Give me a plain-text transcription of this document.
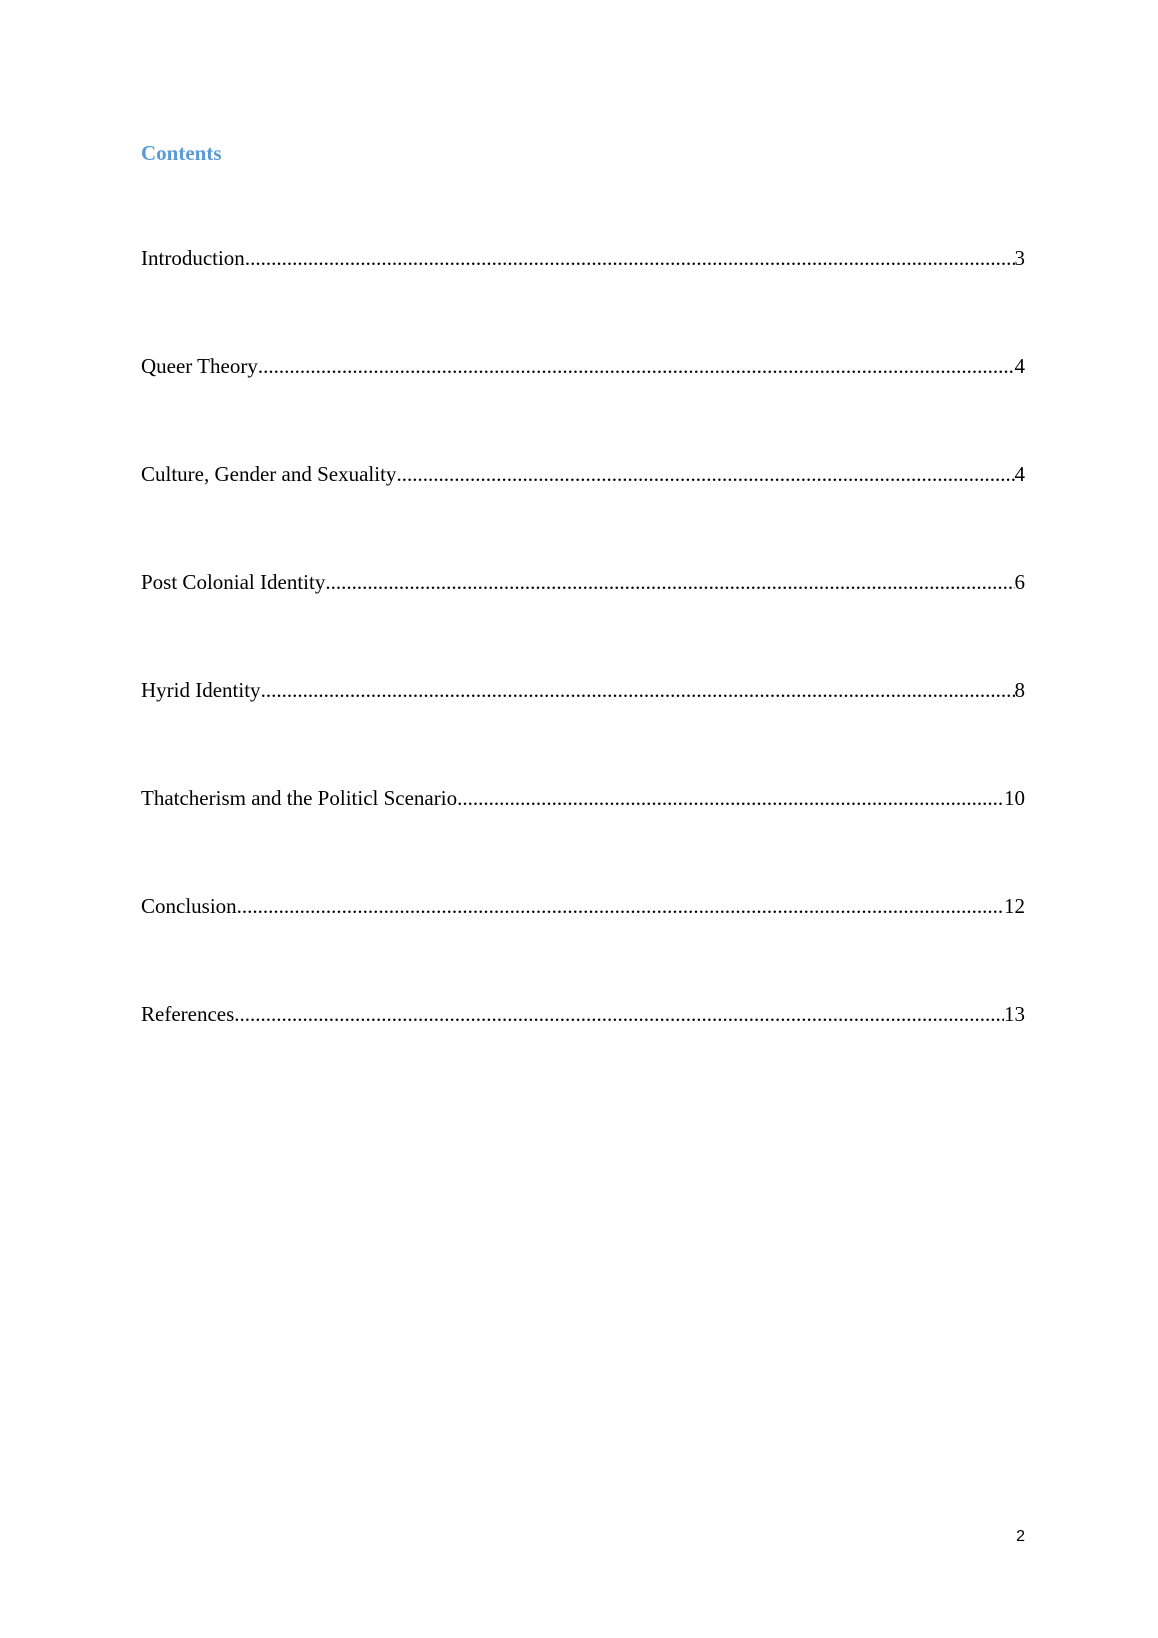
Contents
Introduction .....	3
Queer Theory .....	4
Culture, Gender and Sexuality .....	4
Post Colonial Identity .....	6
Hyrid Identity .....	8
Thatcherism and the Politicl Scenario .....	10
Conclusion .....	12
References .....	13
2
